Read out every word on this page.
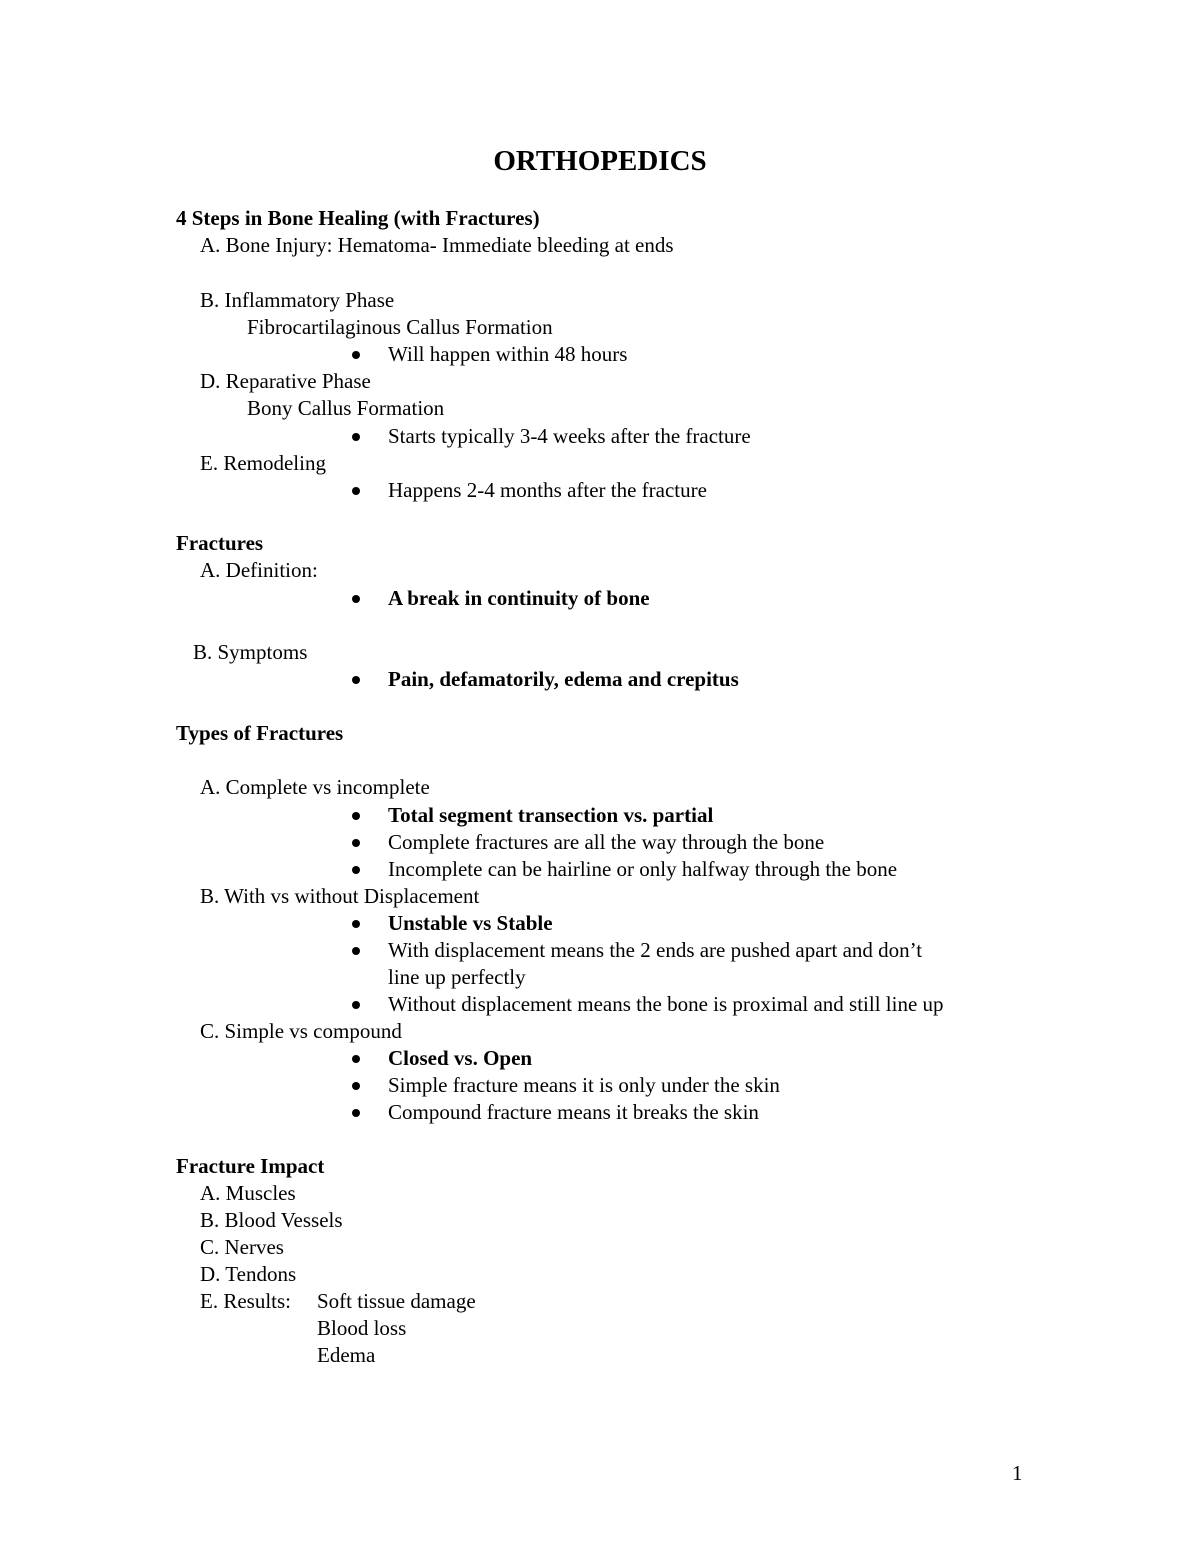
ORTHOPEDICS
4 Steps in Bone Healing (with Fractures)
A. Bone Injury: Hematoma- Immediate bleeding at ends
B. Inflammatory Phase
Fibrocartilaginous Callus Formation
Will happen within 48 hours
D. Reparative Phase
Bony Callus Formation
Starts typically 3-4 weeks after the fracture
E. Remodeling
Happens 2-4 months after the fracture
Fractures
A. Definition:
A break in continuity of bone
B. Symptoms
Pain, defamatorily, edema and crepitus
Types of Fractures
A. Complete vs incomplete
Total segment transection vs. partial
Complete fractures are all the way through the bone
Incomplete can be hairline or only halfway through the bone
B. With vs without Displacement
Unstable vs Stable
With displacement means the 2 ends are pushed apart and don’t
line up perfectly
Without displacement means the bone is proximal and still line up
C. Simple vs compound
Closed vs. Open
Simple fracture means it is only under the skin
Compound fracture means it breaks the skin
Fracture Impact
A. Muscles
B. Blood Vessels
C. Nerves
D. Tendons
E. Results: Soft tissue damage
Blood loss
Edema
1
